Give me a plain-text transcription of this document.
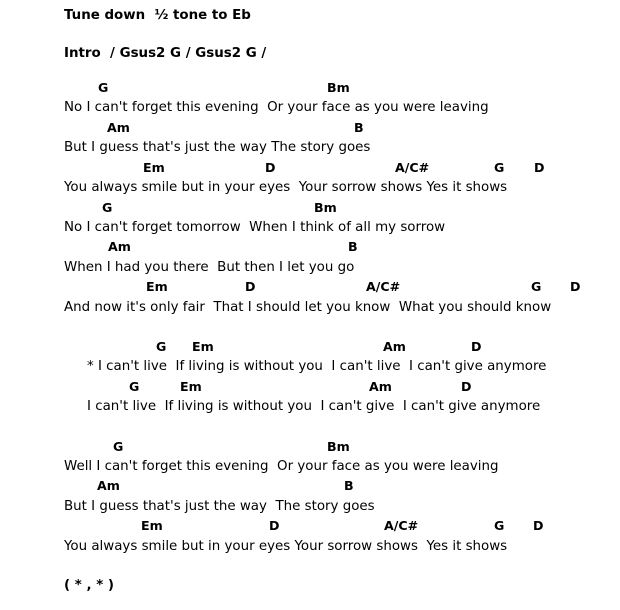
Tune down  ½ tone to Eb
Intro  / Gsus2 G / Gsus2 G /
G	Bm
No I can't forget this evening  Or your face as you were leaving
Am	B
But I guess that's just the way The story goes
Em	D	A/C#	G D
You always smile but in your eyes  Your sorrow shows Yes it shows
G	Bm
No I can't forget tomorrow  When I think of all my sorrow
Am	B
When I had you there  But then I let you go
Em	D	A/C#	G D
And now it's only fair  That I should let you know  What you should know
G Em	Am	D
* I can't live  If living is without you  I can't live  I can't give anymore
G	Em	Am	D
I can't live  If living is without you  I can't give  I can't give anymore
G	Bm
Well I can't forget this evening  Or your face as you were leaving
Am	B
But I guess that's just the way  The story goes
Em	D	A/C#	G D
You always smile but in your eyes Your sorrow shows  Yes it shows
( * , * )
